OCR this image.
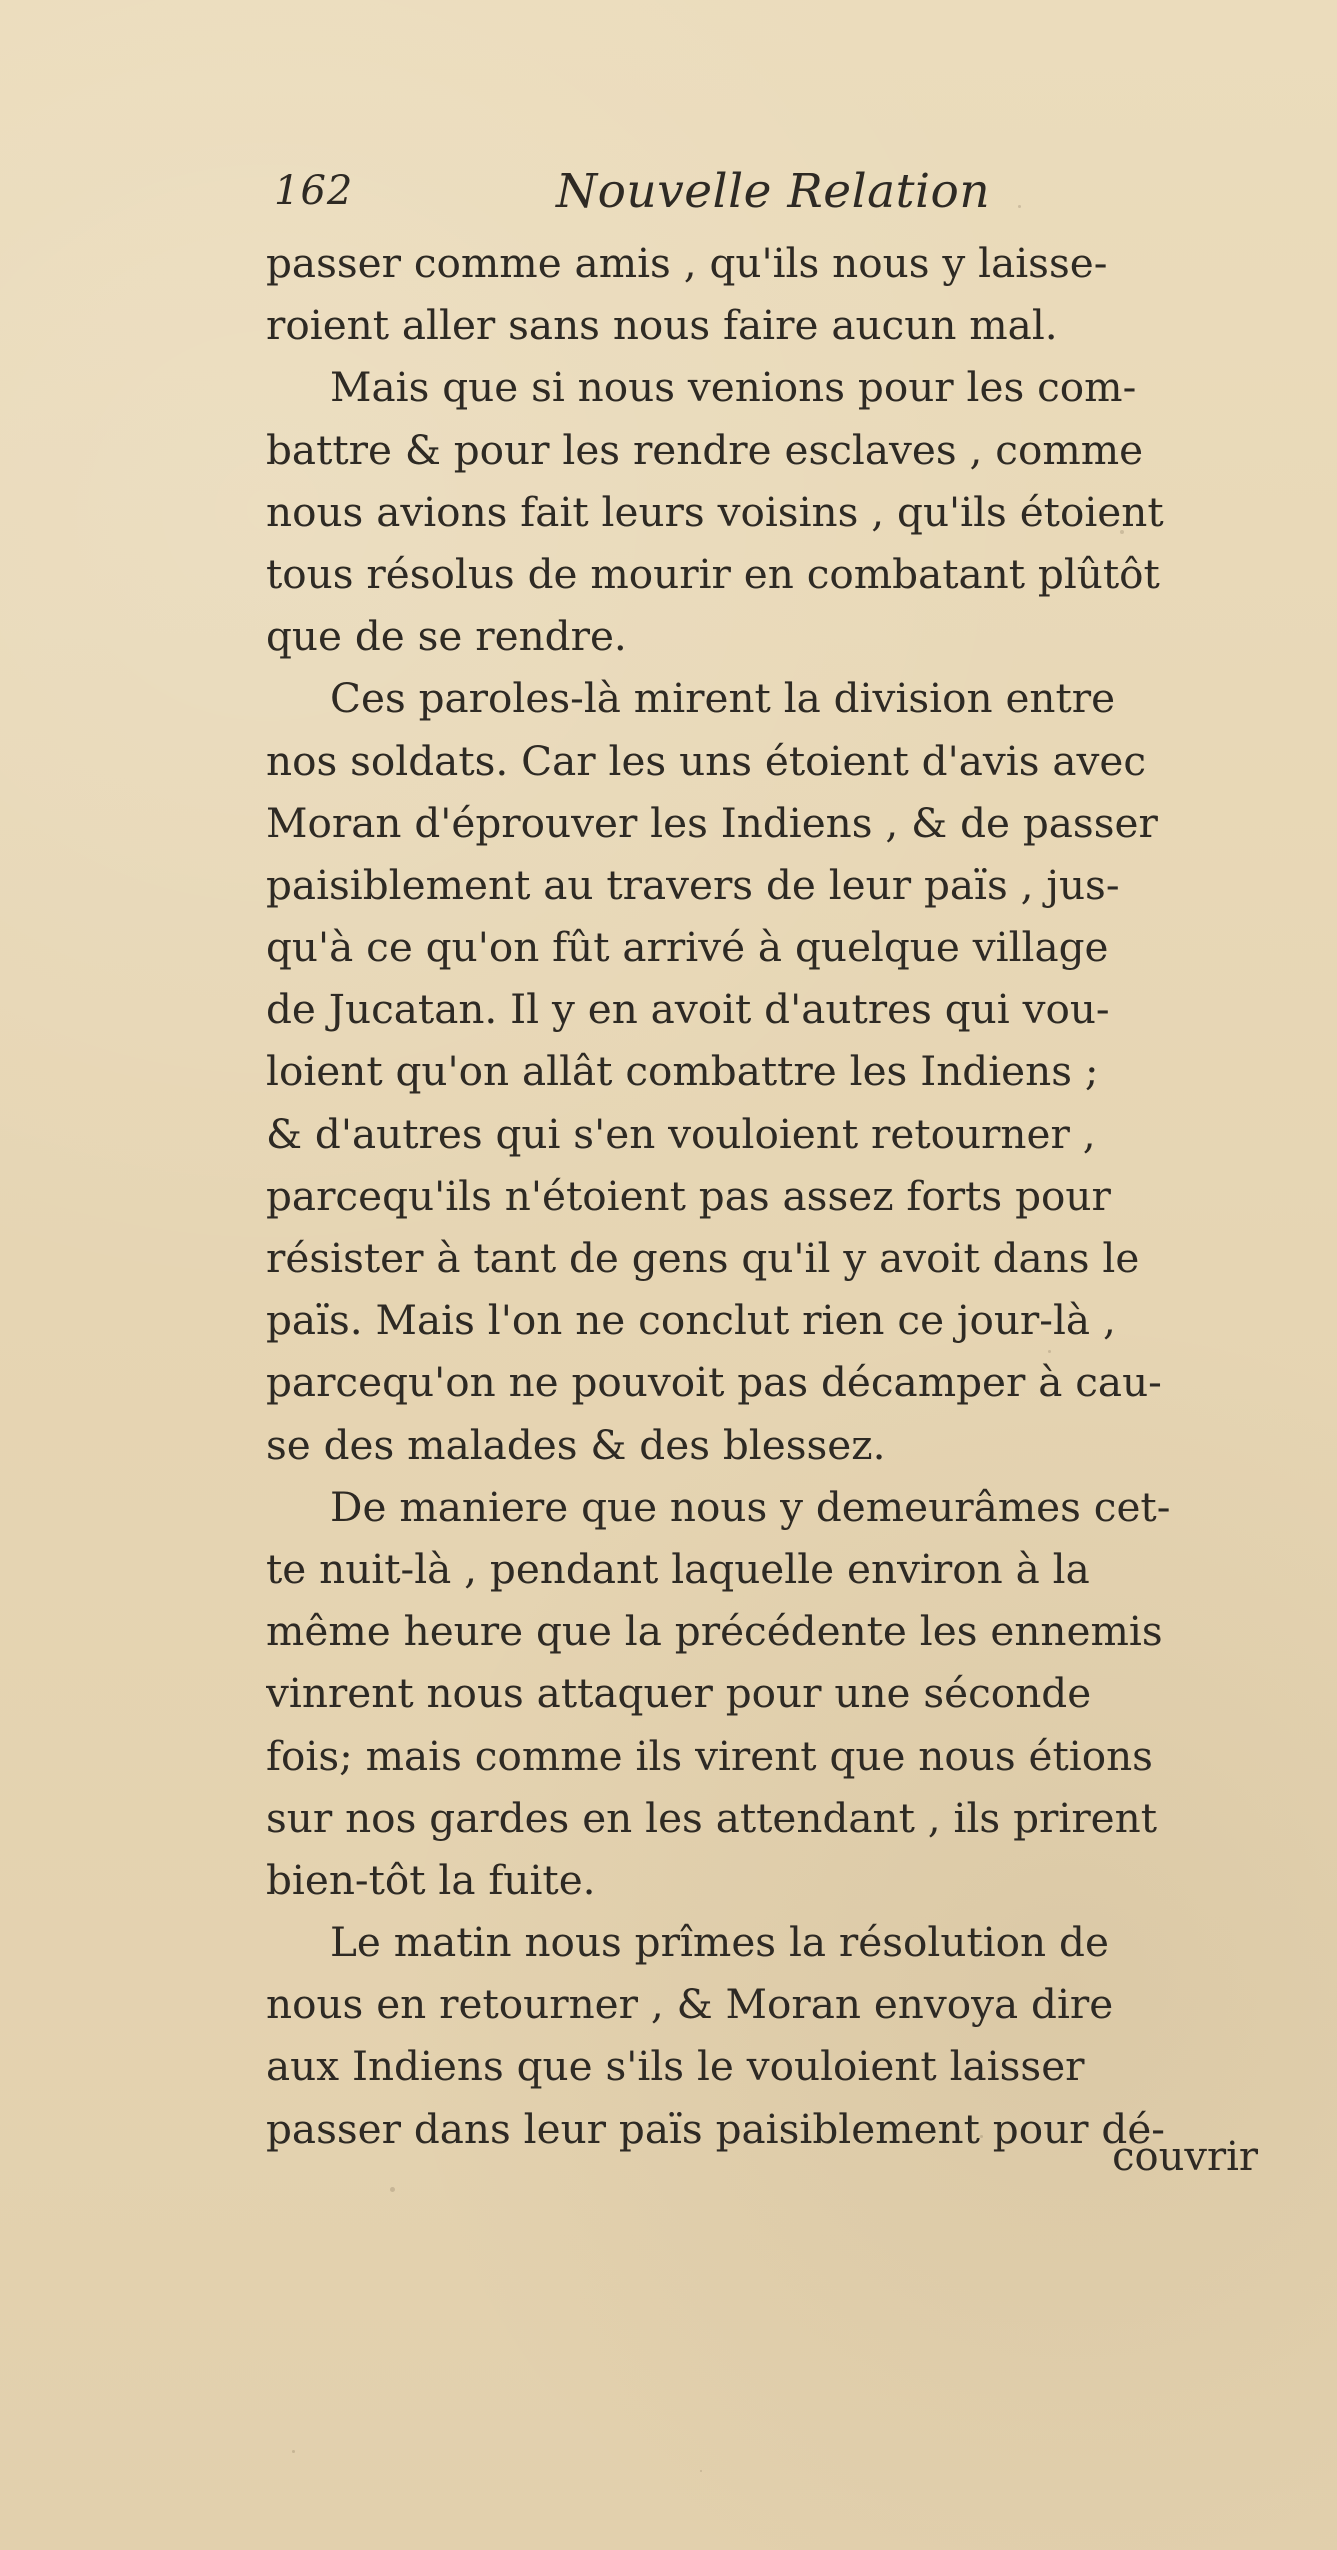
162	Nouvelle Relation
passer comme amis , qu'ils nous y laisse-
roient aller sans nous faire aucun mal.
Mais que si nous venions pour les com-
battre & pour les rendre esclaves , comme
nous avions fait leurs voisins , qu'ils étoient
tous résolus de mourir en combatant plûtôt
que de se rendre.
Ces paroles-là mirent la division entre
nos soldats. Car les uns étoient d'avis avec
Moran d'éprouver les Indiens , & de passer
paisiblement au travers de leur païs , jus-
qu'à ce qu'on fût arrivé à quelque village
de Jucatan. Il y en avoit d'autres qui vou-
loient qu'on allât combattre les Indiens ;
& d'autres qui s'en vouloient retourner ,
parcequ'ils n'étoient pas assez forts pour
résister à tant de gens qu'il y avoit dans le
païs. Mais l'on ne conclut rien ce jour-là ,
parcequ'on ne pouvoit pas décamper à cau-
se des malades & des blessez.
De maniere que nous y demeurâmes cet-
te nuit-là , pendant laquelle environ à la
même heure que la précédente les ennemis
vinrent nous attaquer pour une séconde
fois; mais comme ils virent que nous étions
sur nos gardes en les attendant , ils prirent
bien-tôt la fuite.
Le matin nous prîmes la résolution de
nous en retourner , & Moran envoya dire
aux Indiens que s'ils le vouloient laisser
passer dans leur païs paisiblement pour dé-
couvrir
